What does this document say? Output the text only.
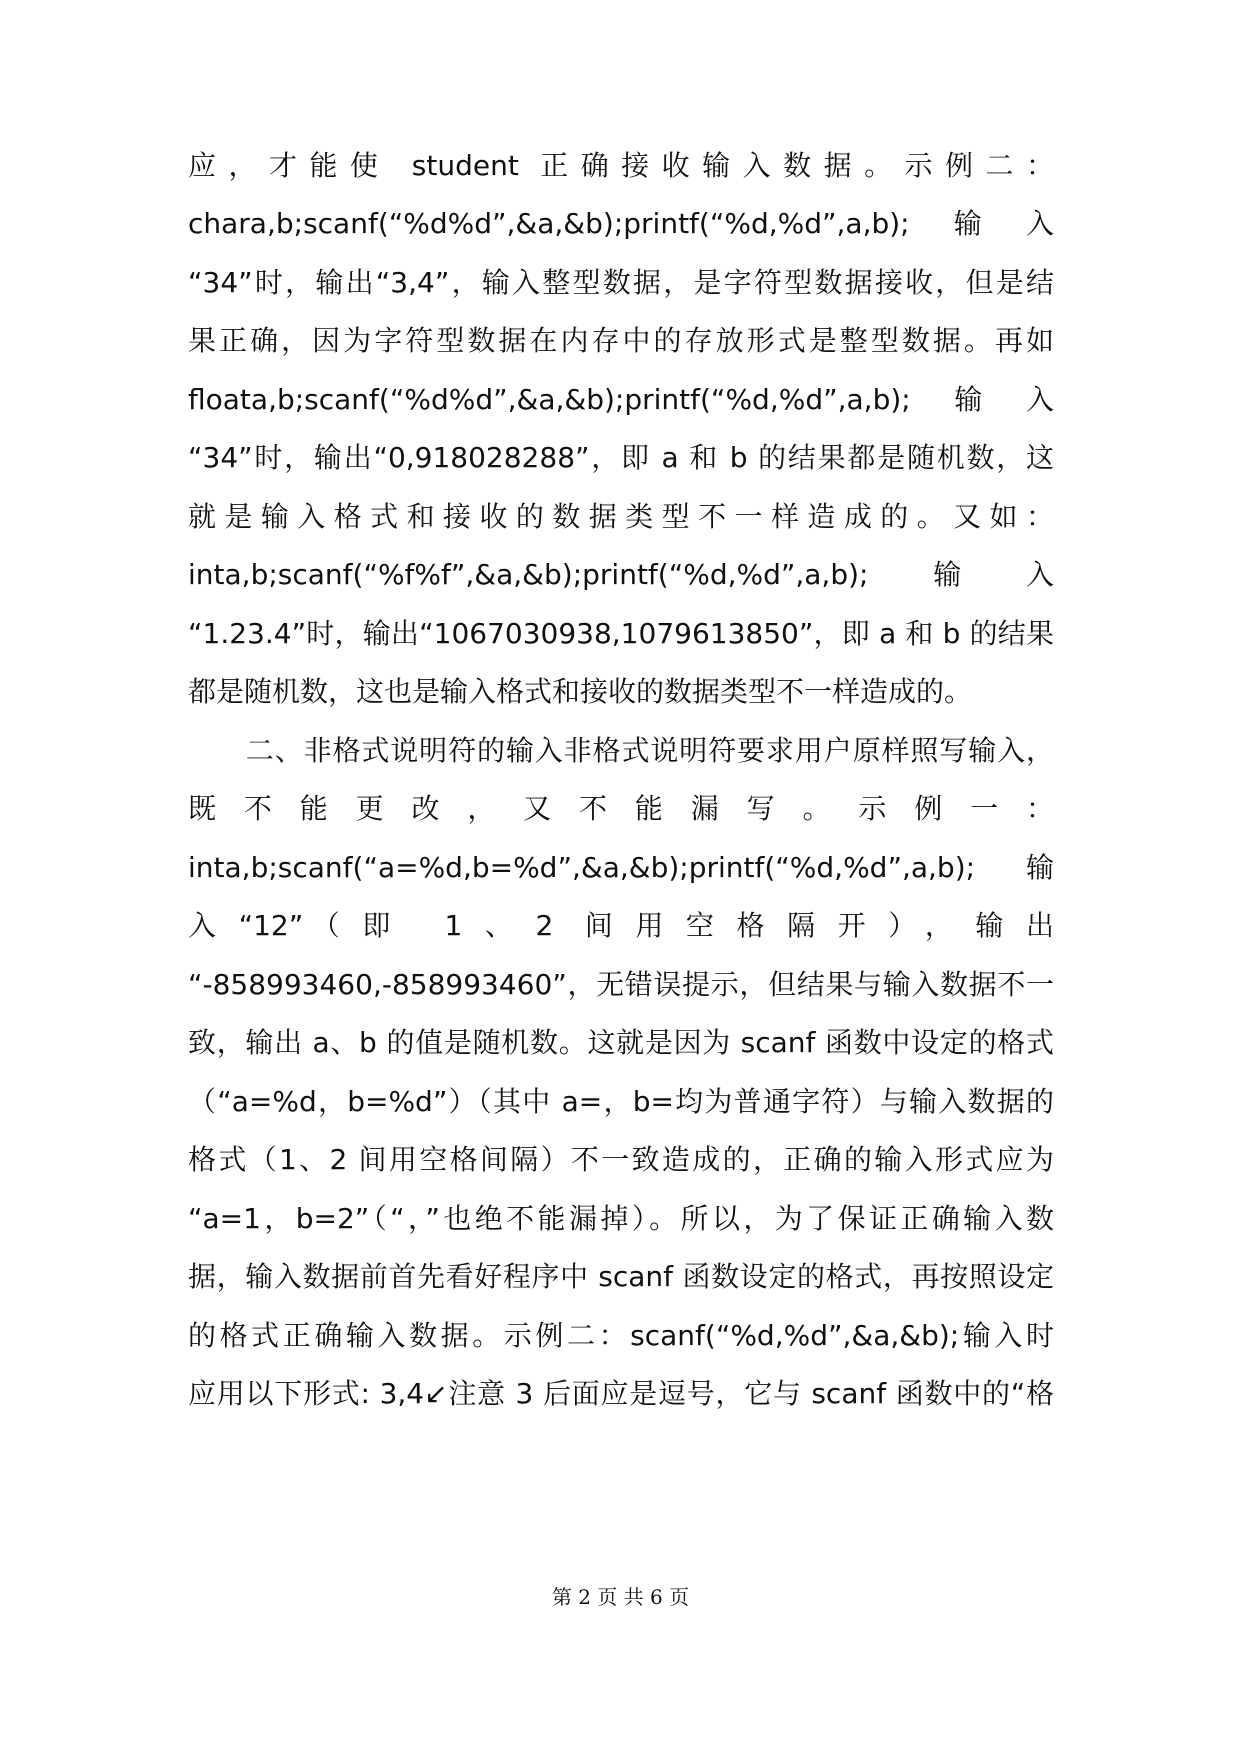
应，才能使 student 正确接收输入数据。示例二：
chara,b;scanf(“%d%d”,&a,&b);printf(“%d,%d”,a,b);输入
“34”时，输出“3,4”，输入整型数据，是字符型数据接收，但是结
果正确，因为字符型数据在内存中的存放形式是整型数据。再如
floata,b;scanf(“%d%d”,&a,&b);printf(“%d,%d”,a,b);输入
“34”时，输出“0,918028288”，即 a 和 b 的结果都是随机数，这
就是输入格式和接收的数据类型不一样造成的。又如：
inta,b;scanf(“%f%f”,&a,&b);printf(“%d,%d”,a,b);输入
“1.23.4”时，输出“1067030938,1079613850”，即 a 和 b 的结果
都是随机数，这也是输入格式和接收的数据类型不一样造成的。
　　二、非格式说明符的输入非格式说明符要求用户原样照写输入，
既不能更改，又不能漏写。示例一：
inta,b;scanf(“a=%d,b=%d”,&a,&b);printf(“%d,%d”,a,b);输
入“12”（即 1、2 间用空格隔开），输出
“-858993460,-858993460”，无错误提示，但结果与输入数据不一
致，输出 a、b 的值是随机数。这就是因为 scanf 函数中设定的格式
（“a=%d，b=%d”）（其中 a=，b=均为普通字符）与输入数据的
格式（1、2 间用空格间隔）不一致造成的，正确的输入形式应为
“a=1，b=2”（“，”也绝不能漏掉）。所以，为了保证正确输入数
据，输入数据前首先看好程序中 scanf 函数设定的格式，再按照设定
的格式正确输入数据。示例二：scanf(“%d,%d”,&a,&b);输入时
应用以下形式: 3,4↙注意 3 后面应是逗号，它与 scanf 函数中的“格
第 2 页 共 6 页
